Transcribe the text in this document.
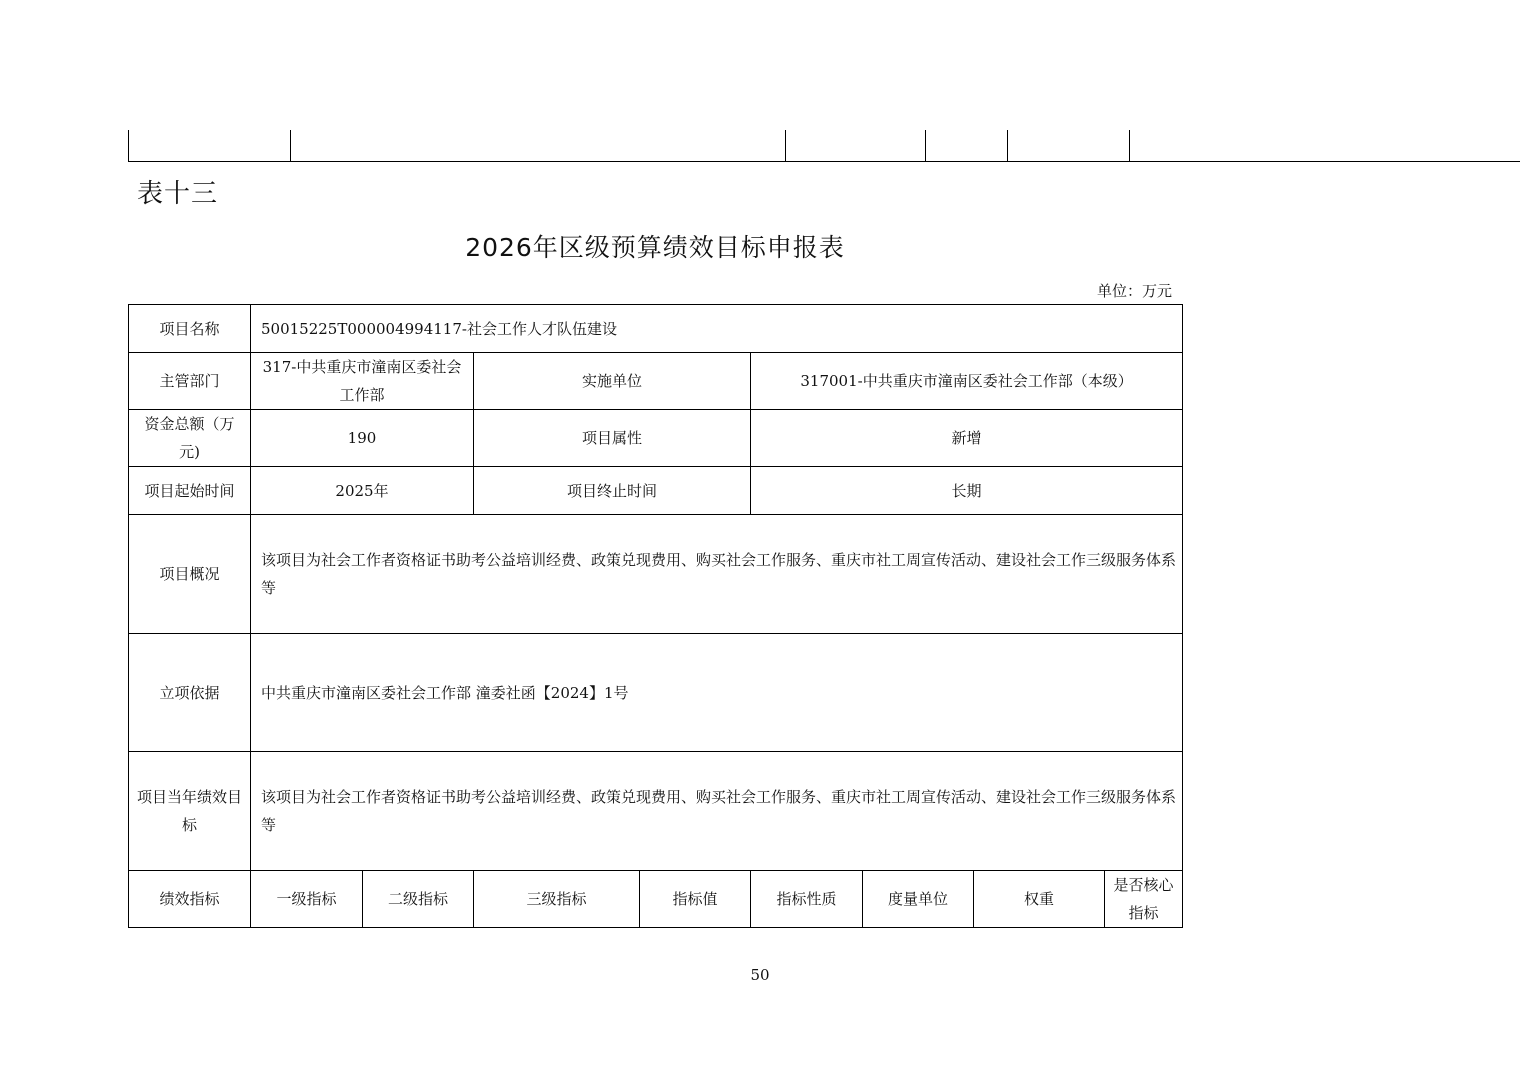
表十三
2026年区级预算绩效目标申报表
单位：万元
项目名称	50015225T000004994117-社会工作人才队伍建设							
主管部门	317-中共重庆市潼南区委社会工作部		实施单位		317001-中共重庆市潼南区委社会工作部（本级）			
资金总额（万元)	190		项目属性		新增			
项目起始时间	2025年		项目终止时间		长期			
项目概况	该项目为社会工作者资格证书助考公益培训经费、政策兑现费用、购买社会工作服务、重庆市社工周宣传活动、建设社会工作三级服务体系等							
立项依据	中共重庆市潼南区委社会工作部 潼委社函【2024】1号							
项目当年绩效目标	该项目为社会工作者资格证书助考公益培训经费、政策兑现费用、购买社会工作服务、重庆市社工周宣传活动、建设社会工作三级服务体系等							
绩效指标	一级指标	二级指标	三级指标	指标值	指标性质	度量单位	权重	是否核心指标
50
